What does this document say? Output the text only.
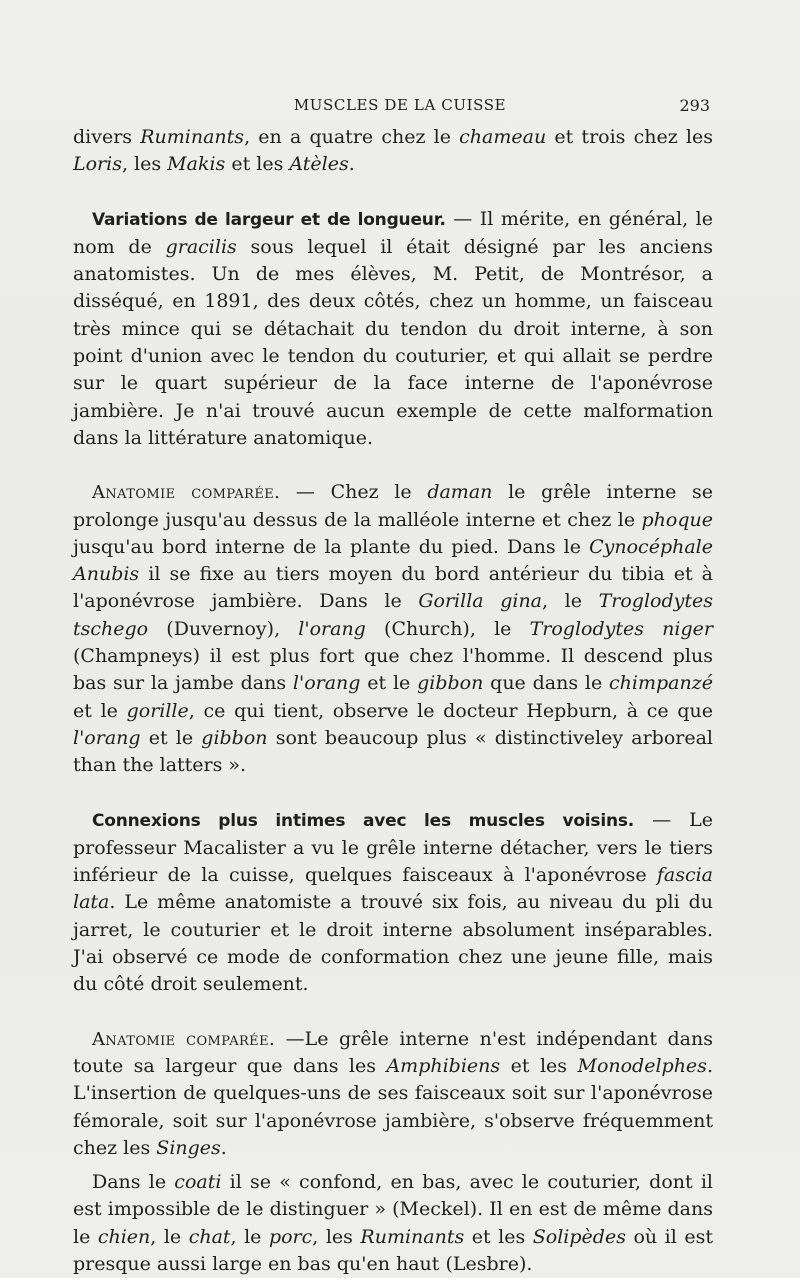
MUSCLES DE LA CUISSE	293

divers Ruminants, en a quatre chez le chameau et trois chez les Loris, les Makis et les Atèles.

Variations de largeur et de longueur. — Il mérite, en général, le nom de gracilis sous lequel il était désigné par les anciens anatomistes. Un de mes élèves, M. Petit, de Montrésor, a disséqué, en 1891, des deux côtés, chez un homme, un faisceau très mince qui se détachait du tendon du droit interne, à son point d'union avec le tendon du couturier, et qui allait se perdre sur le quart supérieur de la face interne de l'aponévrose jambière. Je n'ai trouvé aucun exemple de cette malformation dans la littérature anatomique.

Anatomie comparée. — Chez le daman le grêle interne se prolonge jusqu'au dessus de la malléole interne et chez le phoque jusqu'au bord interne de la plante du pied. Dans le Cynocéphale Anubis il se fixe au tiers moyen du bord antérieur du tibia et à l'aponévrose jambière. Dans le Gorilla gina, le Troglodytes tschego (Duvernoy), l'orang (Church), le Troglodytes niger (Champneys) il est plus fort que chez l'homme. Il descend plus bas sur la jambe dans l'orang et le gibbon que dans le chimpanzé et le gorille, ce qui tient, observe le docteur Hepburn, à ce que l'orang et le gibbon sont beaucoup plus « distinctiveley arboreal than the latters ».

Connexions plus intimes avec les muscles voisins. — Le professeur Macalister a vu le grêle interne détacher, vers le tiers inférieur de la cuisse, quelques faisceaux à l'aponévrose fascia lata. Le même anatomiste a trouvé six fois, au niveau du pli du jarret, le couturier et le droit interne absolument inséparables. J'ai observé ce mode de conformation chez une jeune fille, mais du côté droit seulement.

Anatomie comparée. —Le grêle interne n'est indépendant dans toute sa largeur que dans les Amphibiens et les Monodelphes. L'insertion de quelques-uns de ses faisceaux soit sur l'aponévrose fémorale, soit sur l'aponévrose jambière, s'observe fréquemment chez les Singes.

Dans le coati il se « confond, en bas, avec le couturier, dont il est impossible de le distinguer » (Meckel). Il en est de même dans le chien, le chat, le porc, les Ruminants et les Solipèdes où il est presque aussi large en bas qu'en haut (Lesbre).
